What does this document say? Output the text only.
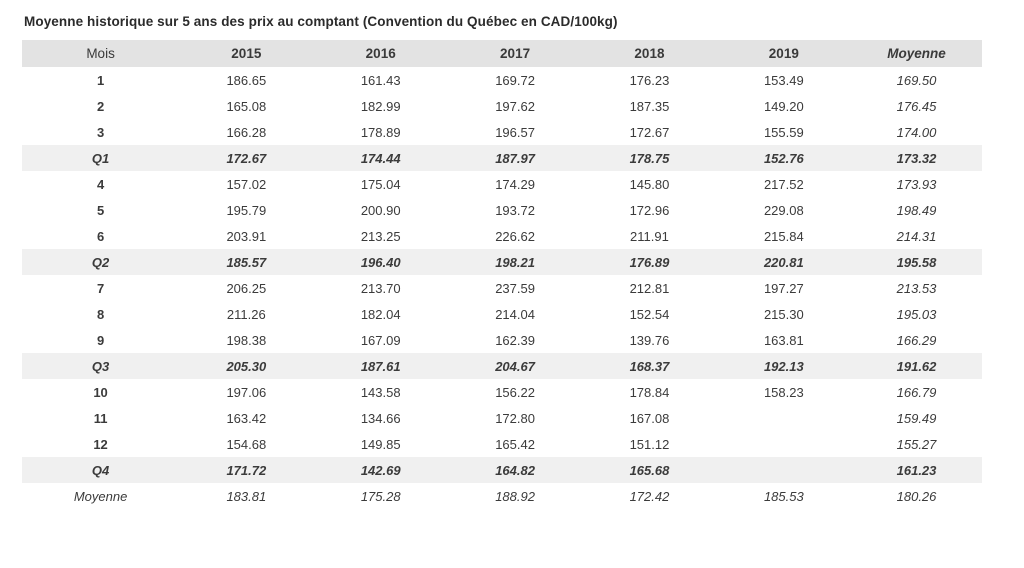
Moyenne historique sur 5 ans des prix au comptant (Convention du Québec en CAD/100kg)
Mois	2015	2016	2017	2018	2019	Moyenne
1	186.65	161.43	169.72	176.23	153.49	169.50
2	165.08	182.99	197.62	187.35	149.20	176.45
3	166.28	178.89	196.57	172.67	155.59	174.00
Q1	172.67	174.44	187.97	178.75	152.76	173.32
4	157.02	175.04	174.29	145.80	217.52	173.93
5	195.79	200.90	193.72	172.96	229.08	198.49
6	203.91	213.25	226.62	211.91	215.84	214.31
Q2	185.57	196.40	198.21	176.89	220.81	195.58
7	206.25	213.70	237.59	212.81	197.27	213.53
8	211.26	182.04	214.04	152.54	215.30	195.03
9	198.38	167.09	162.39	139.76	163.81	166.29
Q3	205.30	187.61	204.67	168.37	192.13	191.62
10	197.06	143.58	156.22	178.84	158.23	166.79
11	163.42	134.66	172.80	167.08		159.49
12	154.68	149.85	165.42	151.12		155.27
Q4	171.72	142.69	164.82	165.68		161.23
Moyenne	183.81	175.28	188.92	172.42	185.53	180.26
